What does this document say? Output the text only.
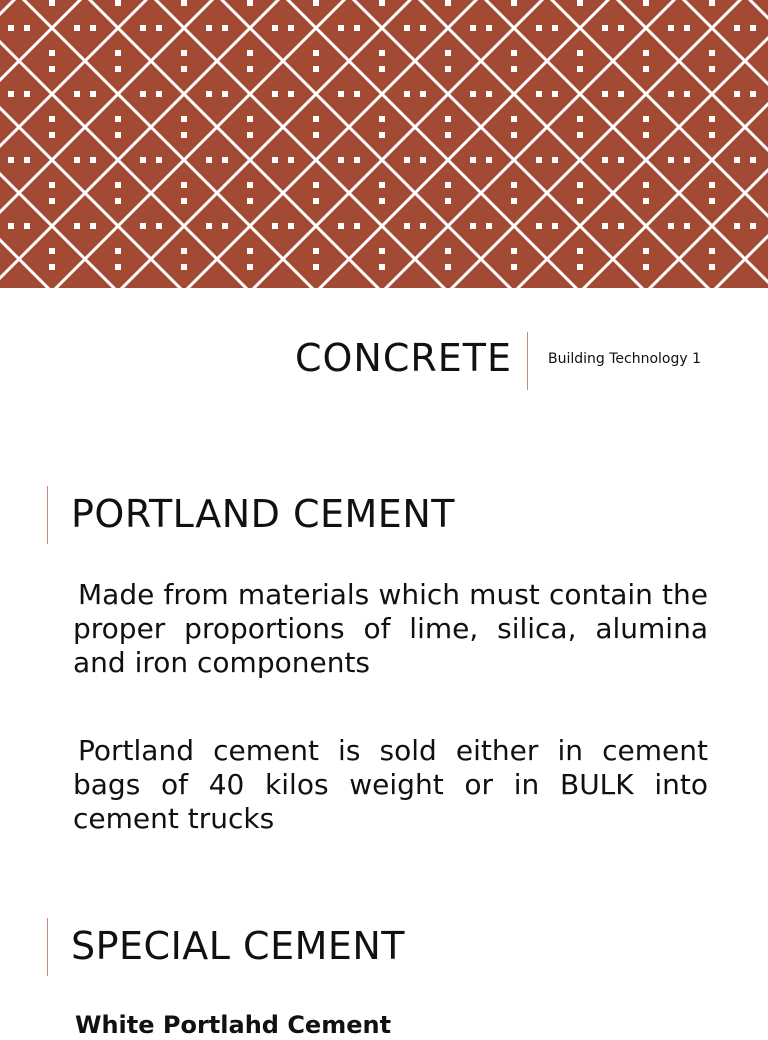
CONCRETE	Building Technology 1
PORTLAND CEMENT
Made from materials which must contain the proper proportions of lime, silica, alumina and iron components
Portland cement is sold either in cement bags of 40 kilos weight or in BULK into cement trucks
SPECIAL CEMENT
White Portlahd Cement
